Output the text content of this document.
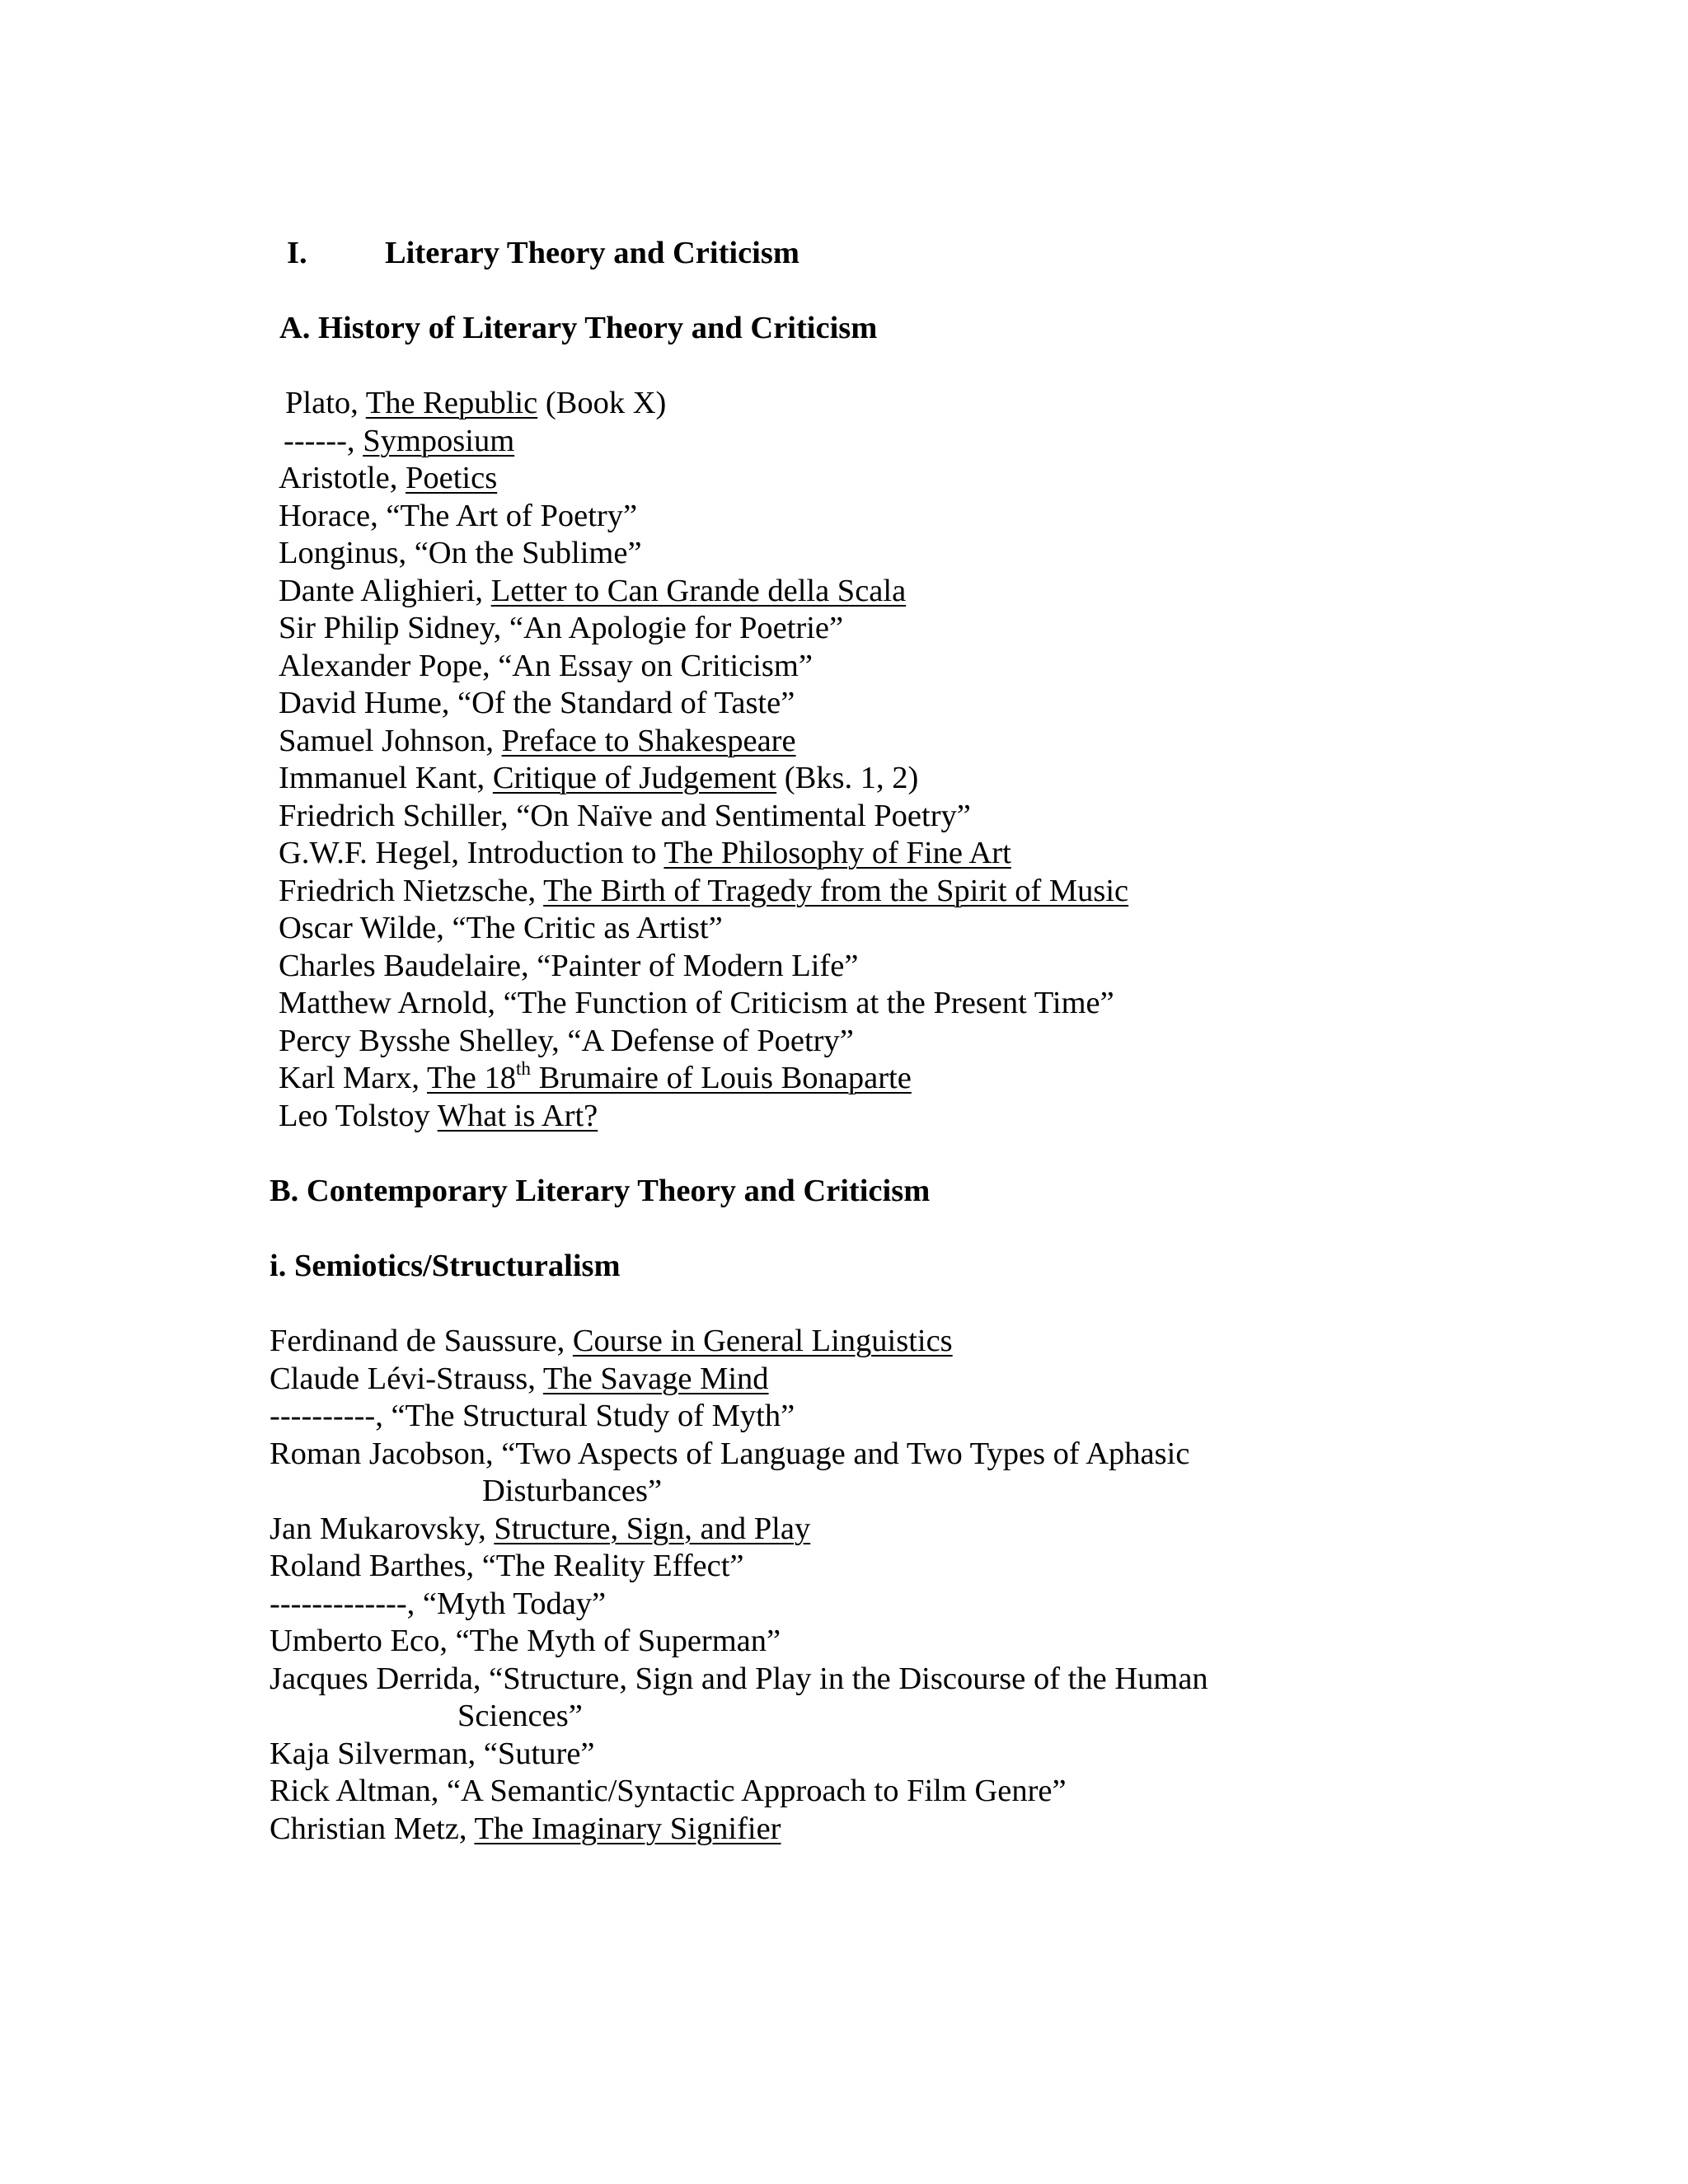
I. Literary Theory and Criticism
A. History of Literary Theory and Criticism
Plato, The Republic (Book X)
------, Symposium
Aristotle, Poetics
Horace, “The Art of Poetry”
Longinus, “On the Sublime”
Dante Alighieri, Letter to Can Grande della Scala
Sir Philip Sidney, “An Apologie for Poetrie”
Alexander Pope, “An Essay on Criticism”
David Hume, “Of the Standard of Taste”
Samuel Johnson, Preface to Shakespeare
Immanuel Kant, Critique of Judgement (Bks. 1, 2)
Friedrich Schiller, “On Naïve and Sentimental Poetry”
G.W.F. Hegel, Introduction to The Philosophy of Fine Art
Friedrich Nietzsche, The Birth of Tragedy from the Spirit of Music
Oscar Wilde, “The Critic as Artist”
Charles Baudelaire, “Painter of Modern Life”
Matthew Arnold, “The Function of Criticism at the Present Time”
Percy Bysshe Shelley, “A Defense of Poetry”
Karl Marx, The 18th Brumaire of Louis Bonaparte
Leo Tolstoy What is Art?
B. Contemporary Literary Theory and Criticism
i. Semiotics/Structuralism
Ferdinand de Saussure, Course in General Linguistics
Claude Lévi-Strauss, The Savage Mind
----------, “The Structural Study of Myth”
Roman Jacobson, “Two Aspects of Language and Two Types of Aphasic
Disturbances”
Jan Mukarovsky, Structure, Sign, and Play
Roland Barthes, “The Reality Effect”
-------------, “Myth Today”
Umberto Eco, “The Myth of Superman”
Jacques Derrida, “Structure, Sign and Play in the Discourse of the Human
Sciences”
Kaja Silverman, “Suture”
Rick Altman, “A Semantic/Syntactic Approach to Film Genre”
Christian Metz, The Imaginary Signifier
